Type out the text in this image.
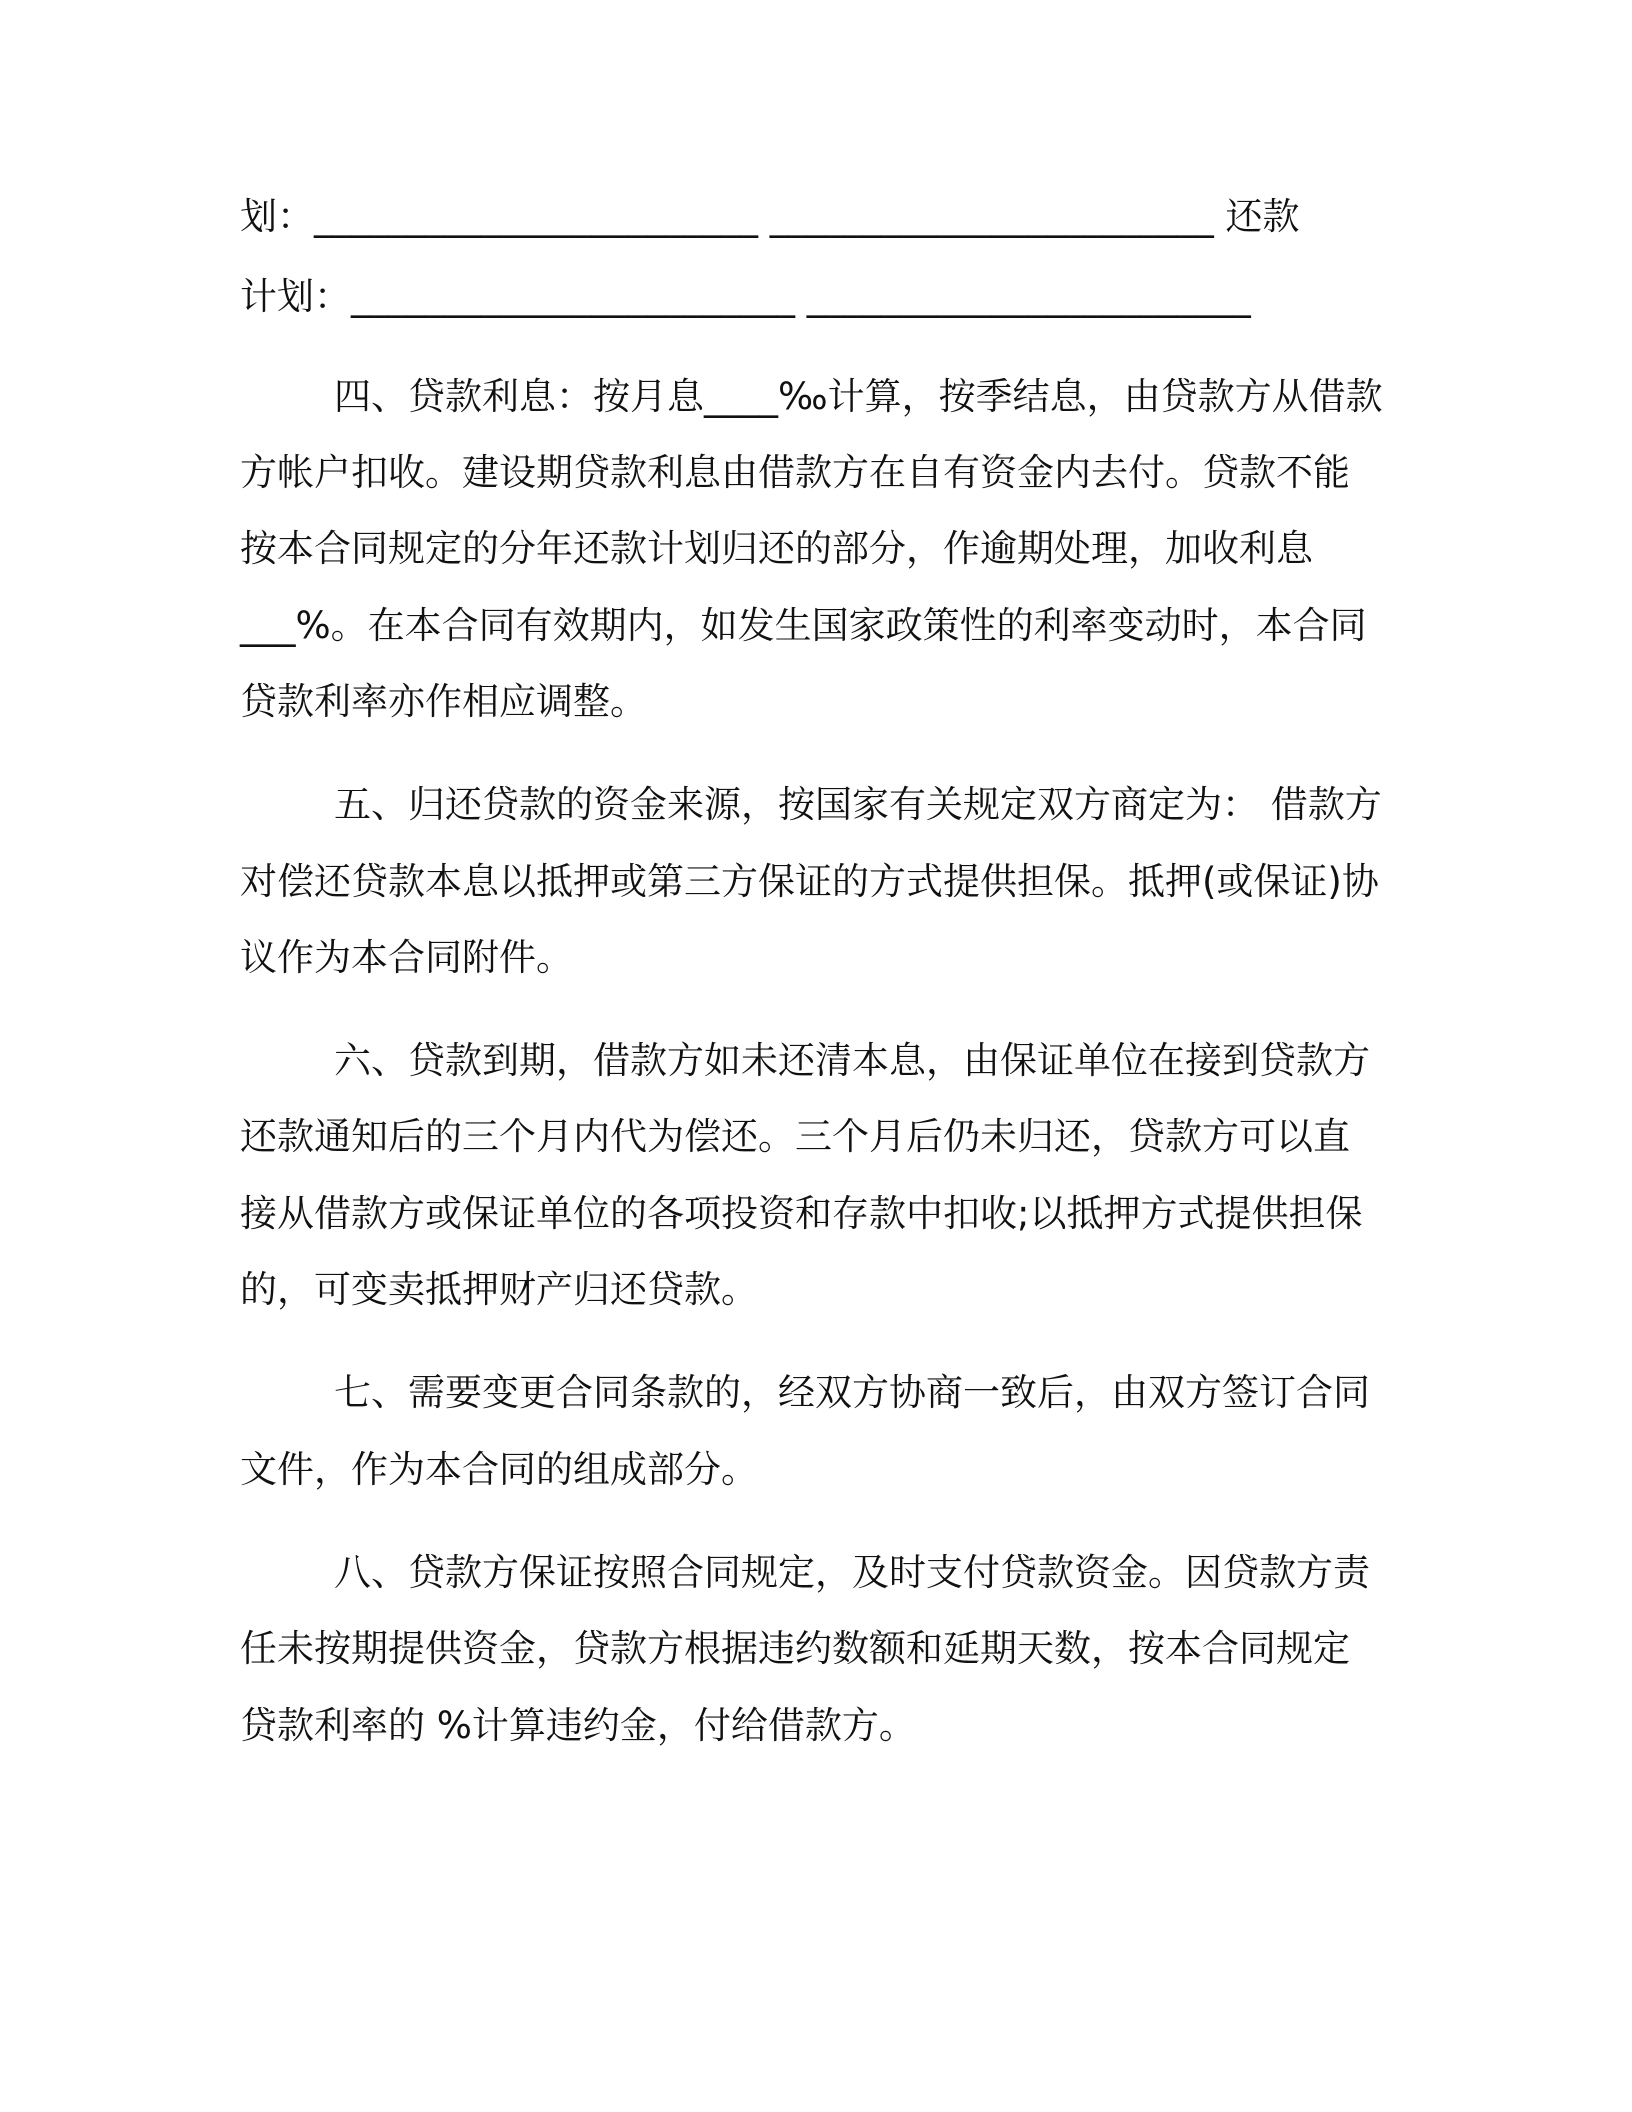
划：________________________ ________________________ 还款
计划：________________________ ________________________
四、贷款利息：按月息____‰计算，按季结息，由贷款方从借款
方帐户扣收。建设期贷款利息由借款方在自有资金内去付。贷款不能
按本合同规定的分年还款计划归还的部分，作逾期处理，加收利息
___%。在本合同有效期内，如发生国家政策性的利率变动时，本合同
贷款利率亦作相应调整。
五、归还贷款的资金来源，按国家有关规定双方商定为： 借款方
对偿还贷款本息以抵押或第三方保证的方式提供担保。抵押(或保证)协
议作为本合同附件。
六、贷款到期，借款方如未还清本息，由保证单位在接到贷款方
还款通知后的三个月内代为偿还。三个月后仍未归还，贷款方可以直
接从借款方或保证单位的各项投资和存款中扣收;以抵押方式提供担保
的，可变卖抵押财产归还贷款。
七、需要变更合同条款的，经双方协商一致后，由双方签订合同
文件，作为本合同的组成部分。
八、贷款方保证按照合同规定，及时支付贷款资金。因贷款方责
任未按期提供资金，贷款方根据违约数额和延期天数，按本合同规定
贷款利率的 %计算违约金，付给借款方。
